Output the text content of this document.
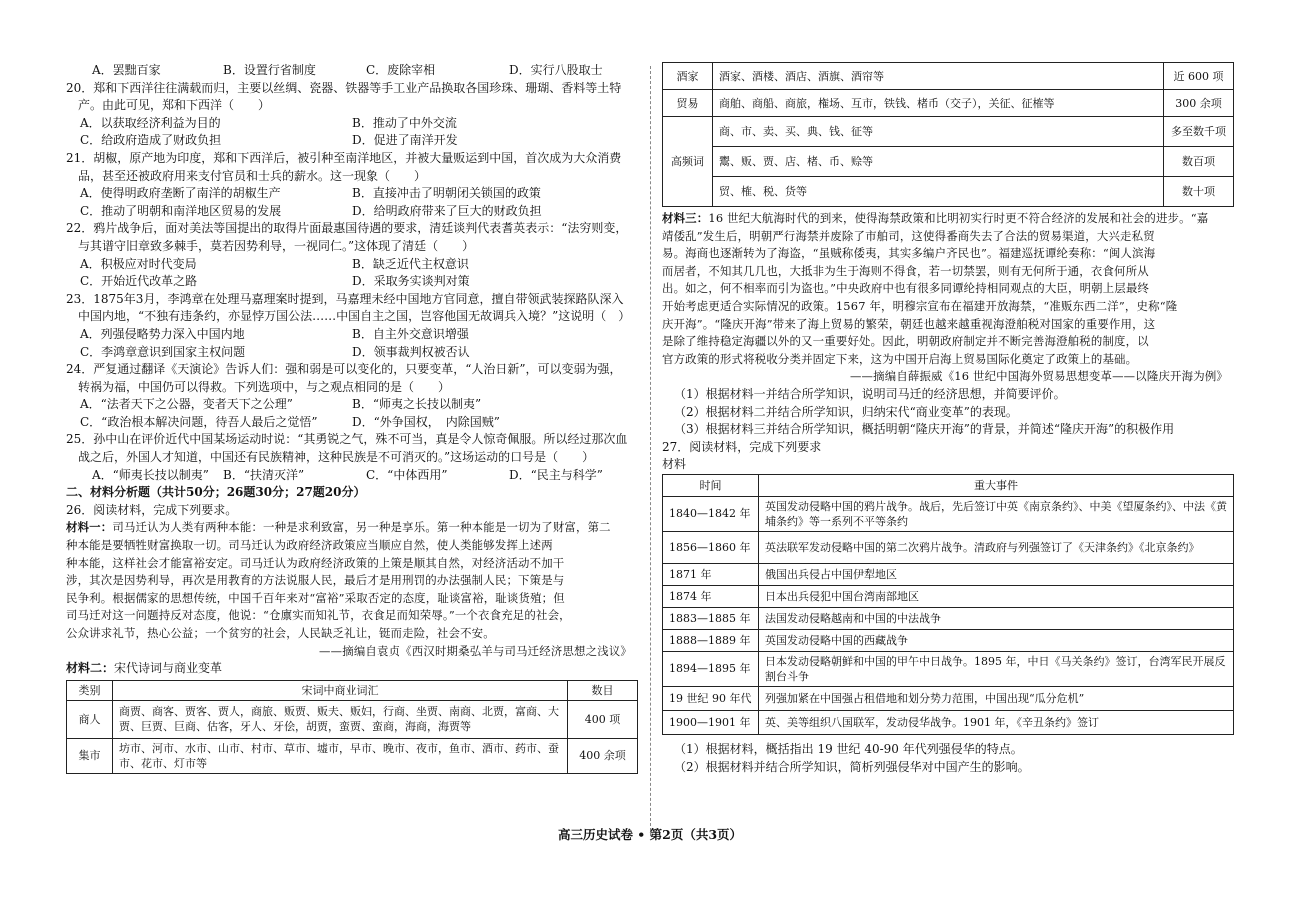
A．罢黜百家	B．设置行省制度	C．废除宰相	D．实行八股取士
20．郑和下西洋往往满载而归，主要以丝绸、瓷器、铁器等手工业产品换取各国珍珠、珊瑚、香料等土特
产。由此可见，郑和下西洋（　　）
A．以获取经济利益为目的	B．推动了中外交流
C．给政府造成了财政负担	D．促进了南洋开发
21．胡椒，原产地为印度，郑和下西洋后，被引种至南洋地区，并被大量贩运到中国，首次成为大众消费
品，甚至还被政府用来支付官员和士兵的薪水。这一现象（　　）
A．使得明政府垄断了南洋的胡椒生产	B．直接冲击了明朝闭关锁国的政策
C．推动了明朝和南洋地区贸易的发展	D．给明政府带来了巨大的财政负担
22．鸦片战争后，面对美法等国提出的取得片面最惠国待遇的要求，清廷谈判代表耆英表示：“法穷则变，
与其谱守旧章致多棘手，莫若因势利导，一视同仁。”这体现了清廷（　　）
A．积极应对时代变局	B．缺乏近代主权意识
C．开始近代改革之路	D．采取务实谈判对策
23．1875年3月，李鸿章在处理马嘉理案时提到，马嘉理未经中国地方官同意，擅自带领武装探路队深入
中国内地，“不独有违条约，亦显悖万国公法……中国自主之国，岂容他国无故调兵入境？”这说明（　）
A．列强侵略势力深入中国内地	B．自主外交意识增强
C．李鸿章意识到国家主权问题	D．领事裁判权被否认
24．严复通过翻译《天演论》告诉人们：强和弱是可以变化的，只要变革，“人治日新”，可以变弱为强，
转祸为福，中国仍可以得救。下列选项中，与之观点相同的是（　　）
A．“法者天下之公器，变者天下之公理”	B．“师夷之长技以制夷”
C．“政治根本解决问题，待吾人最后之觉悟”	D．“外争国权，　内除国贼”
25．孙中山在评价近代中国某场运动时说：“其勇锐之气，殊不可当，真是令人惊奇佩服。所以经过那次血
战之后，外国人才知道，中国还有民族精神，这种民族是不可消灭的。”这场运动的口号是（　　）
A．“师夷长技以制夷”	B．“扶清灭洋”	C．“中体西用”	D．“民主与科学”
二、材料分析题（共计50分；26题30分；27题20分）
26．阅读材料，完成下列要求。
材料一：司马迁认为人类有两种本能：一种是求利致富，另一种是享乐。第一种本能是一切为了财富，第二
种本能是要牺牲财富换取一切。司马迁认为政府经济政策应当顺应自然，使人类能够发挥上述两
种本能，这样社会才能富裕安定。司马迁认为政府经济政策的上策是顺其自然，对经济活动不加干
涉，其次是因势利导，再次是用教育的方法说服人民，最后才是用刑罚的办法强制人民；下策是与
民争利。根据儒家的思想传统，中国千百年来对“富裕”采取否定的态度，耻谈富裕，耻谈货殖；但
司马迁对这一问题持反对态度，他说：“仓廪实而知礼节，衣食足而知荣辱。”一个衣食充足的社会，
公众讲求礼节，热心公益；一个贫穷的社会，人民缺乏礼让，铤而走险，社会不安。
——摘编自袁贞《西汉时期桑弘羊与司马迁经济思想之浅议》
材料二：宋代诗词与商业变革
类别	宋词中商业词汇	数目
商人	商贾、商客、贾客、贾人，商旅、贩贾、贩夫、贩妇，行商、坐贾、南商、北贾，富商、大贾、巨贾、巨商、估客，牙人、牙侩，胡贾，蛮贾、蛮商，海商，海贾等	400 项
集市	坊市、河市、水市、山市、村市、草市、墟市，早市、晚市、夜市，鱼市、酒市、药市、蚕市、花市、灯市等	400 余项
酒家	酒家、酒楼、酒店、酒旗、酒帘等	近 600 项
贸易	商舶、商船、商旅，権场、互市，铁钱、楮币（交子），关征、征榷等	300 余项
高频词	商、市、卖、买、典、钱、征等	多至数千项
	鬻、贩、贾、店、楮、币、赊等	数百项
	贸、榷、税、货等	数十项
材料三：16 世纪大航海时代的到来，使得海禁政策和比明初实行时更不符合经济的发展和社会的进步。“嘉
靖倭乱”发生后，明朝严行海禁并废除了市舶司，这使得番商失去了合法的贸易渠道，大兴走私贸
易。海商也逐渐转为了海盗，“虽贼称倭夷，其实多编户齐民也”。福建巡抚谭纶奏称：“闽人滨海
而居者，不知其几几也，大抵非为生于海则不得食，若一切禁罢，则有无何所于通，衣食何所从
出。如之，何不相率而引为盗也。”中央政府中也有很多同谭纶持相同观点的大臣，明朝上层最终
开始考虑更适合实际情况的政策。1567 年，明穆宗宣布在福建开放海禁，“准贩东西二洋”，史称“隆
庆开海”。“隆庆开海”带来了海上贸易的繁荣，朝廷也越来越重视海澄舶税对国家的重要作用，这
是除了维持稳定海疆以外的又一重要好处。因此，明朝政府制定并不断完善海澄舶税的制度，以
官方政策的形式将税收分类并固定下来，这为中国开启海上贸易国际化奠定了政策上的基础。
——摘编自薛振威《16 世纪中国海外贸易思想变革——以隆庆开海为例》
（1）根据材料一并结合所学知识，说明司马迁的经济思想，并简要评价。
（2）根据材料二并结合所学知识，归纳宋代“商业变革”的表现。
（3）根据材料三并结合所学知识，概括明朝“隆庆开海”的背景，并简述“隆庆开海”的积极作用
27．阅读材料，完成下列要求
材料
时间	重大事件
1840—1842 年	英国发动侵略中国的鸦片战争。战后，先后签订中英《南京条约》、中美《望厦条约》、中法《黄埔条约》等一系列不平等条约
1856—1860 年	英法联军发动侵略中国的第二次鸦片战争。清政府与列强签订了《天津条约》《北京条约》
1871 年	俄国出兵侵占中国伊犁地区
1874 年	日本出兵侵犯中国台湾南部地区
1883—1885 年	法国发动侵略越南和中国的中法战争
1888—1889 年	英国发动侵略中国的西藏战争
1894—1895 年	日本发动侵略朝鲜和中国的甲午中日战争。1895 年，中日《马关条约》签订，台湾军民开展反割台斗争
19 世纪 90 年代	列强加紧在中国强占租借地和划分势力范围，中国出现“瓜分危机”
1900—1901 年	英、美等组织八国联军，发动侵华战争。1901 年，《辛丑条约》签订
（1）根据材料，概括指出 19 世纪 40-90 年代列强侵华的特点。
（2）根据材料并结合所学知识，简析列强侵华对中国产生的影响。
高三历史试卷 • 第2页（共3页）
